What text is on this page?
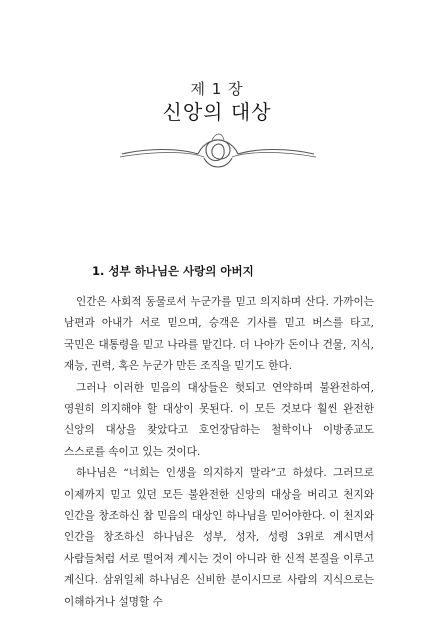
제 1 장
신앙의 대상
1. 성부 하나님은 사랑의 아버지

인간은 사회적 동물로서 누군가를 믿고 의지하며 산다. 가까이는 남편과 아내가 서로 믿으며, 승객은 기사를 믿고 버스를 타고, 국민은 대통령을 믿고 나라를 맡긴다. 더 나아가 돈이나 건물, 지식, 재능, 권력, 혹은 누군가 만든 조직을 믿기도 한다.

그러나 이러한 믿음의 대상들은 헛되고 연약하며 불완전하여, 영원히 의지해야 할 대상이 못된다. 이 모든 것보다 훨씬 완전한 신앙의 대상을 찾았다고 호언장담하는 철학이나 이방종교도 스스로를 속이고 있는 것이다.

하나님은 “너희는 인생을 의지하지 말라”고 하셨다. 그러므로 이제까지 믿고 있던 모든 불완전한 신앙의 대상을 버리고 천지와 인간을 창조하신 참 믿음의 대상인 하나님을 믿어야한다. 이 천지와 인간을 창조하신 하나님은 성부, 성자, 성령 3위로 계시면서 사람들처럼 서로 떨어져 계시는 것이 아니라 한 신적 본질을 이루고 계신다. 삼위일체 하나님은 신비한 분이시므로 사람의 지식으로는 이해하거나 설명할 수
